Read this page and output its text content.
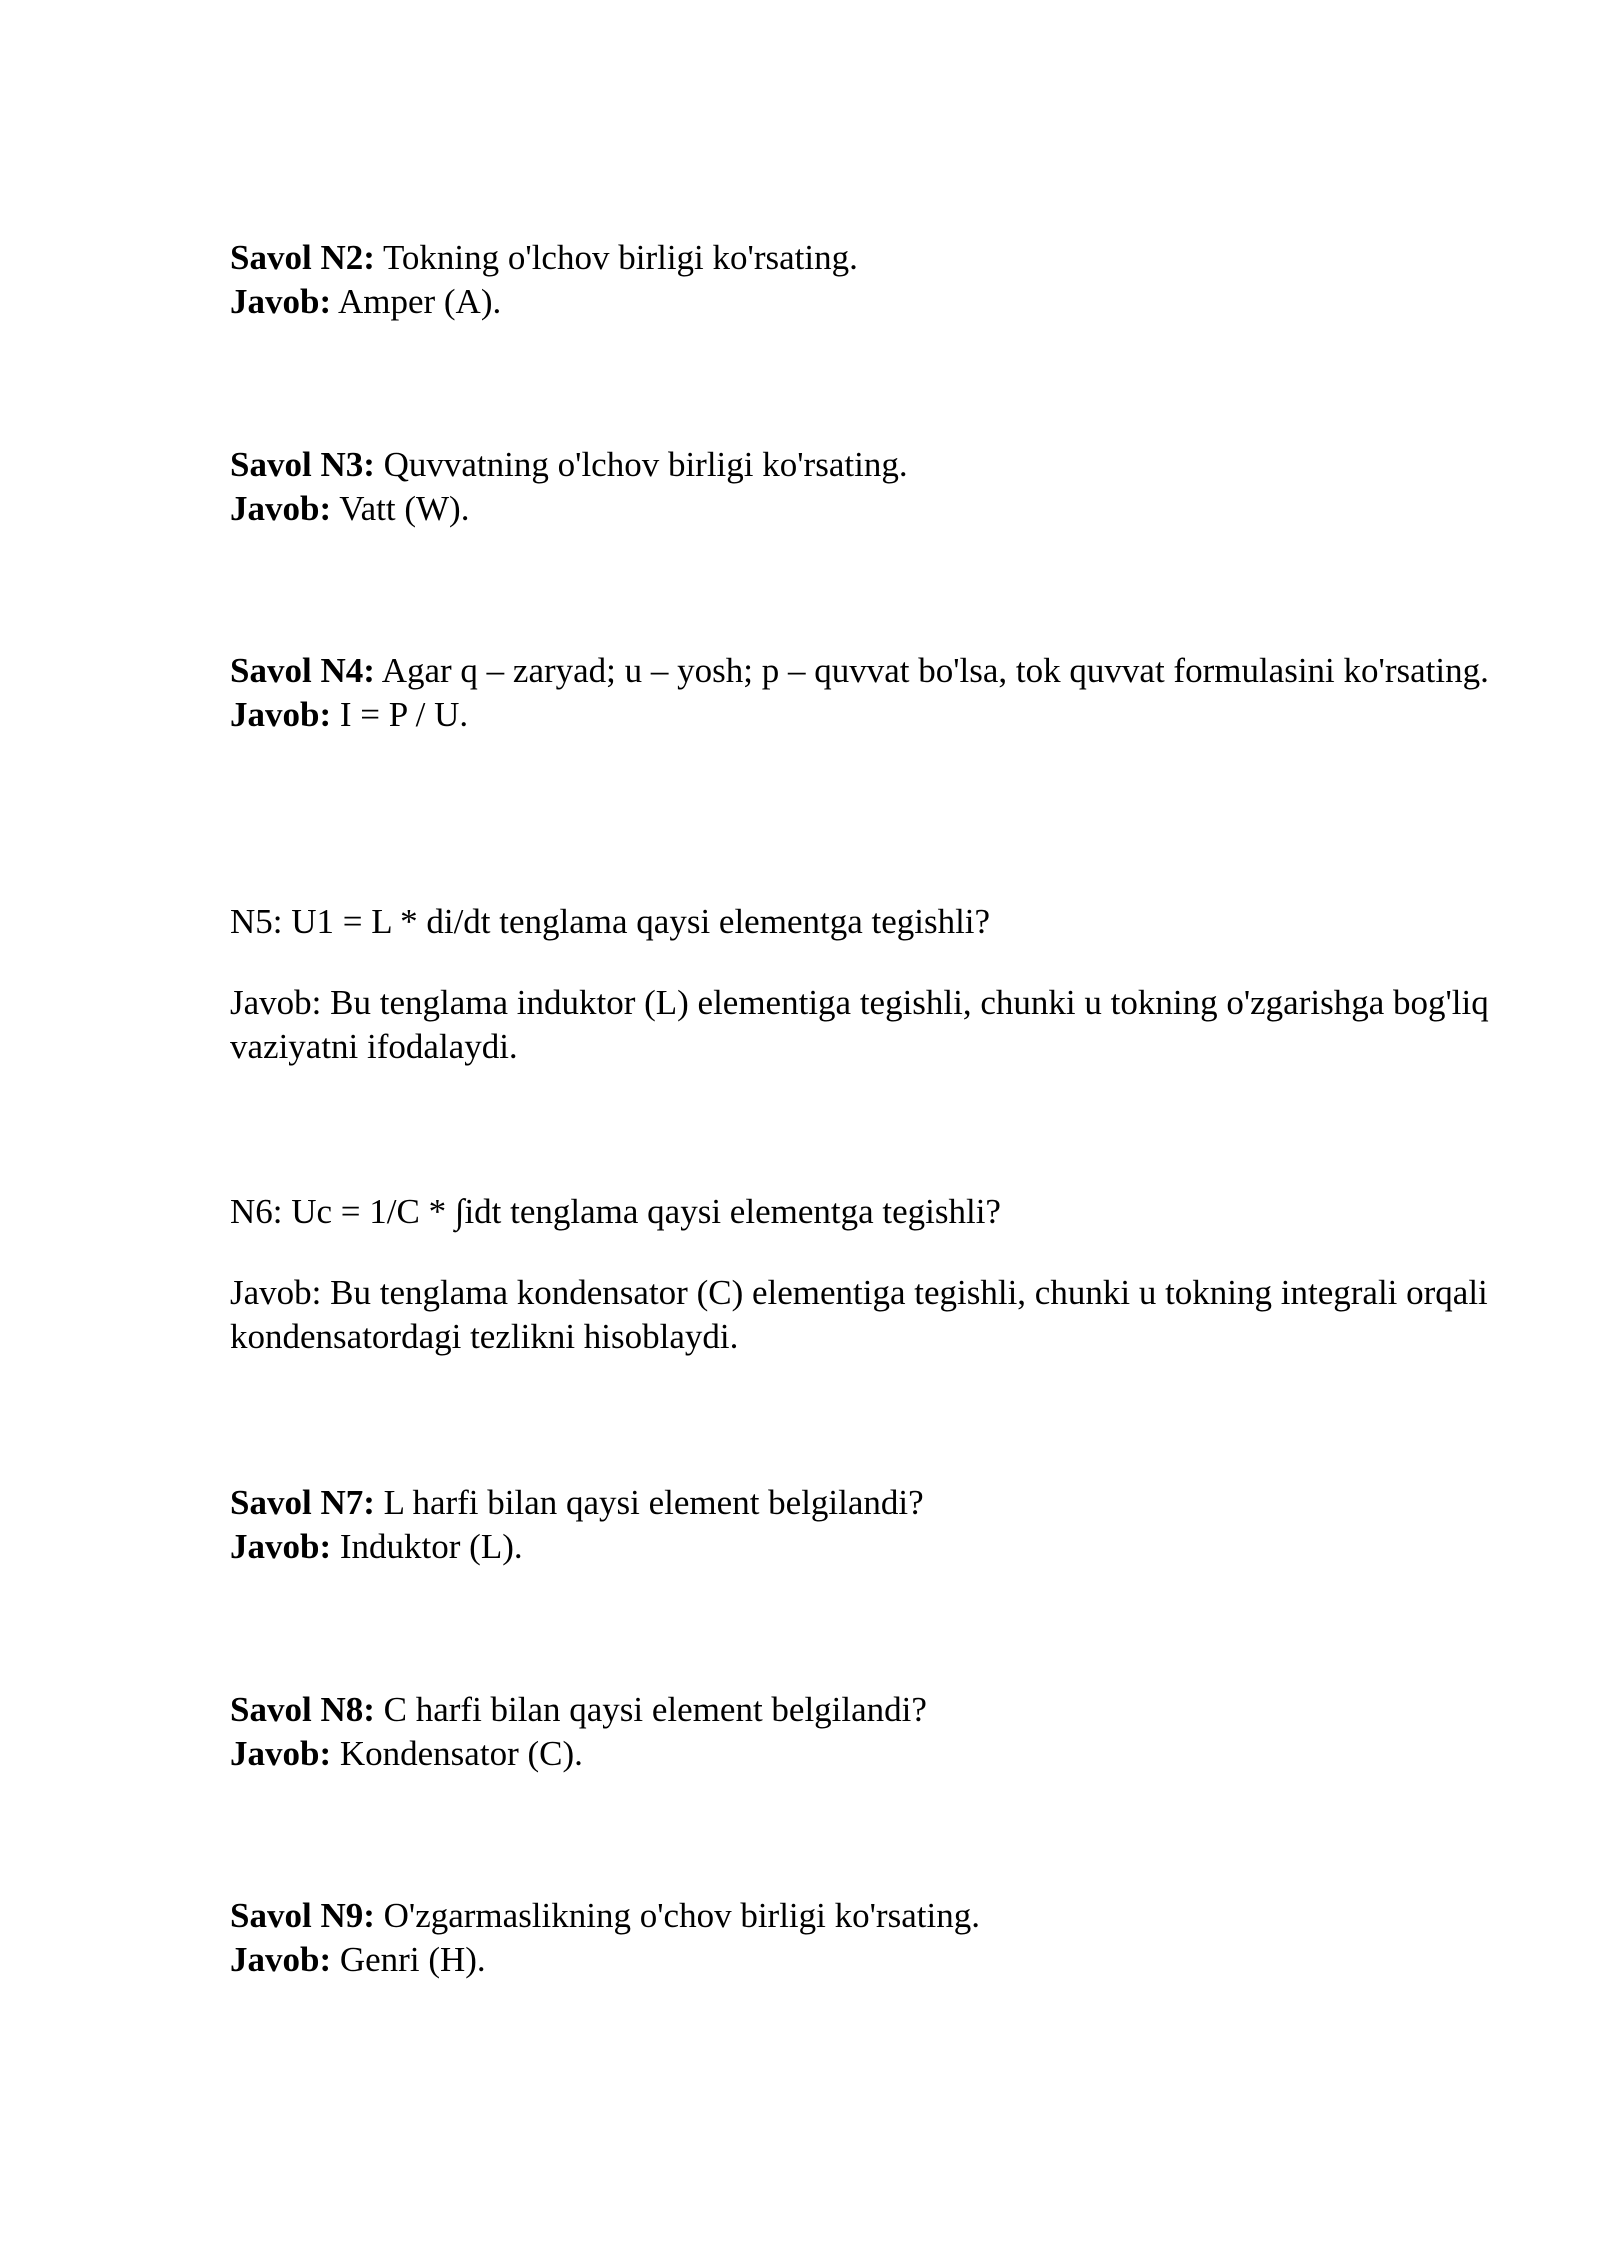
Savol N2: Tokning o'lchov birligi ko'rsating.
Javob: Amper (A).
Savol N3: Quvvatning o'lchov birligi ko'rsating.
Javob: Vatt (W).
Savol N4: Agar q – zaryad; u – yosh; p – quvvat bo'lsa, tok quvvat formulasini ko'rsating.
Javob: I = P / U.

N5: U1 = L * di/dt tenglama qaysi elementga tegishli?

Javob: Bu tenglama induktor (L) elementiga tegishli, chunki u tokning o'zgarishga bog'liq vaziyatni ifodalaydi.

N6: Uc = 1/C * ∫idt tenglama qaysi elementga tegishli?

Javob: Bu tenglama kondensator (C) elementiga tegishli, chunki u tokning integrali orqali kondensatordagi tezlikni hisoblaydi.

Savol N7: L harfi bilan qaysi element belgilandi?
Javob: Induktor (L).
Savol N8: C harfi bilan qaysi element belgilandi?
Javob: Kondensator (C).
Savol N9: O'zgarmaslikning o'chov birligi ko'rsating.
Javob: Genri (H).
